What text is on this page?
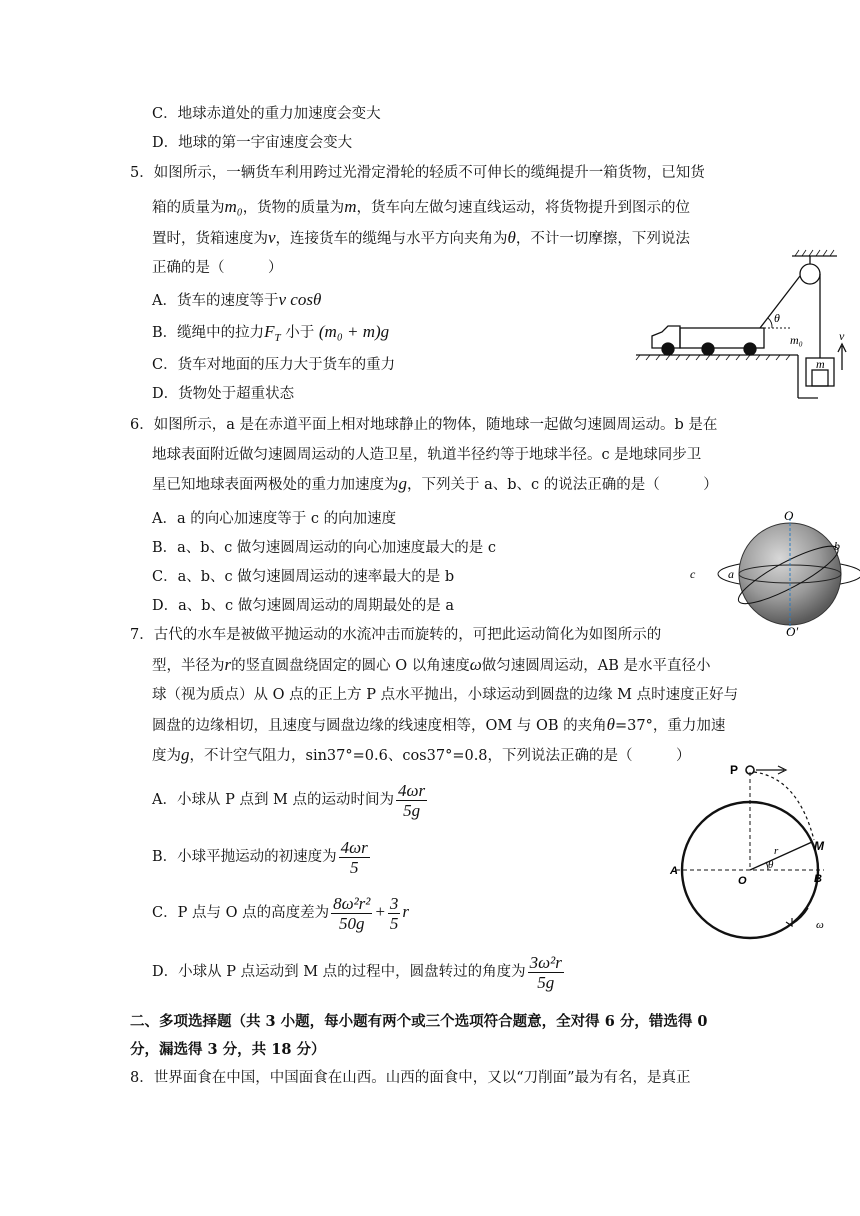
C．地球赤道处的重力加速度会变大
D．地球的第一宇宙速度会变大
5．如图所示，一辆货车利用跨过光滑定滑轮的轻质不可伸长的缆绳提升一箱货物，已知货
箱的质量为m₀，货物的质量为m，货车向左做匀速直线运动，将货物提升到图示的位
置时，货箱速度为v，连接货车的缆绳与水平方向夹角为θ，不计一切摩擦，下列说法
正确的是（　　　）
A．货车的速度等于v cosθ
B．缆绳中的拉力$F_T$ 小于 (m₀ + m)g
C．货车对地面的压力大于货车的重力
D．货物处于超重状态
θ
m₀
m
v
6．如图所示，a 是在赤道平面上相对地球静止的物体，随地球一起做匀速圆周运动。b 是在
地球表面附近做匀速圆周运动的人造卫星，轨道半径约等于地球半径。c 是地球同步卫
星已知地球表面两极处的重力加速度为g，下列关于 a、b、c 的说法正确的是（　　　）
A．a 的向心加速度等于 c 的向加速度
B．a、b、c 做匀速圆周运动的向心加速度最大的是 c
C．a、b、c 做匀速圆周运动的速率最大的是 b
D．a、b、c 做匀速圆周运动的周期最处的是 a
O
O′
a
b
c
7．古代的水车是被做平抛运动的水流冲击而旋转的，可把此运动简化为如图所示的
型，半径为r的竖直圆盘绕固定的圆心 O 以角速度ω做匀速圆周运动，AB 是水平直径小
球（视为质点）从 O 点的正上方 P 点水平抛出，小球运动到圆盘的边缘 M 点时速度正好与
圆盘的边缘相切，且速度与圆盘边缘的线速度相等，OM 与 OB 的夹角θ=37°，重力加速
度为g，不计空气阻力，sin37°=0.6、cos37°=0.8，下列说法正确的是（　　　）
A．小球从 P 点到 M 点的运动时间为 $\frac{4\omega r}{5g}$
B．小球平抛运动的初速度为 $\frac{4\omega r}{5}$
C．P 点与 O 点的高度差为 $\frac{\text{8ω²r²}}{50g} + \frac{3}{5}$ r
D．小球从 P 点运动到 M 点的过程中，圆盘转过的角度为 $\frac{\text{3ω²r}}{5g}$
P
M
A
B
O
r
θ
ω
二、多项选择题（共 3 小题，每小题有两个或三个选项符合题意，全对得 6 分，错选得 0
分，漏选得 3 分，共 18 分）
8．世界面食在中国，中国面食在山西。山西的面食中，又以“刀削面”最为有名，是真正
